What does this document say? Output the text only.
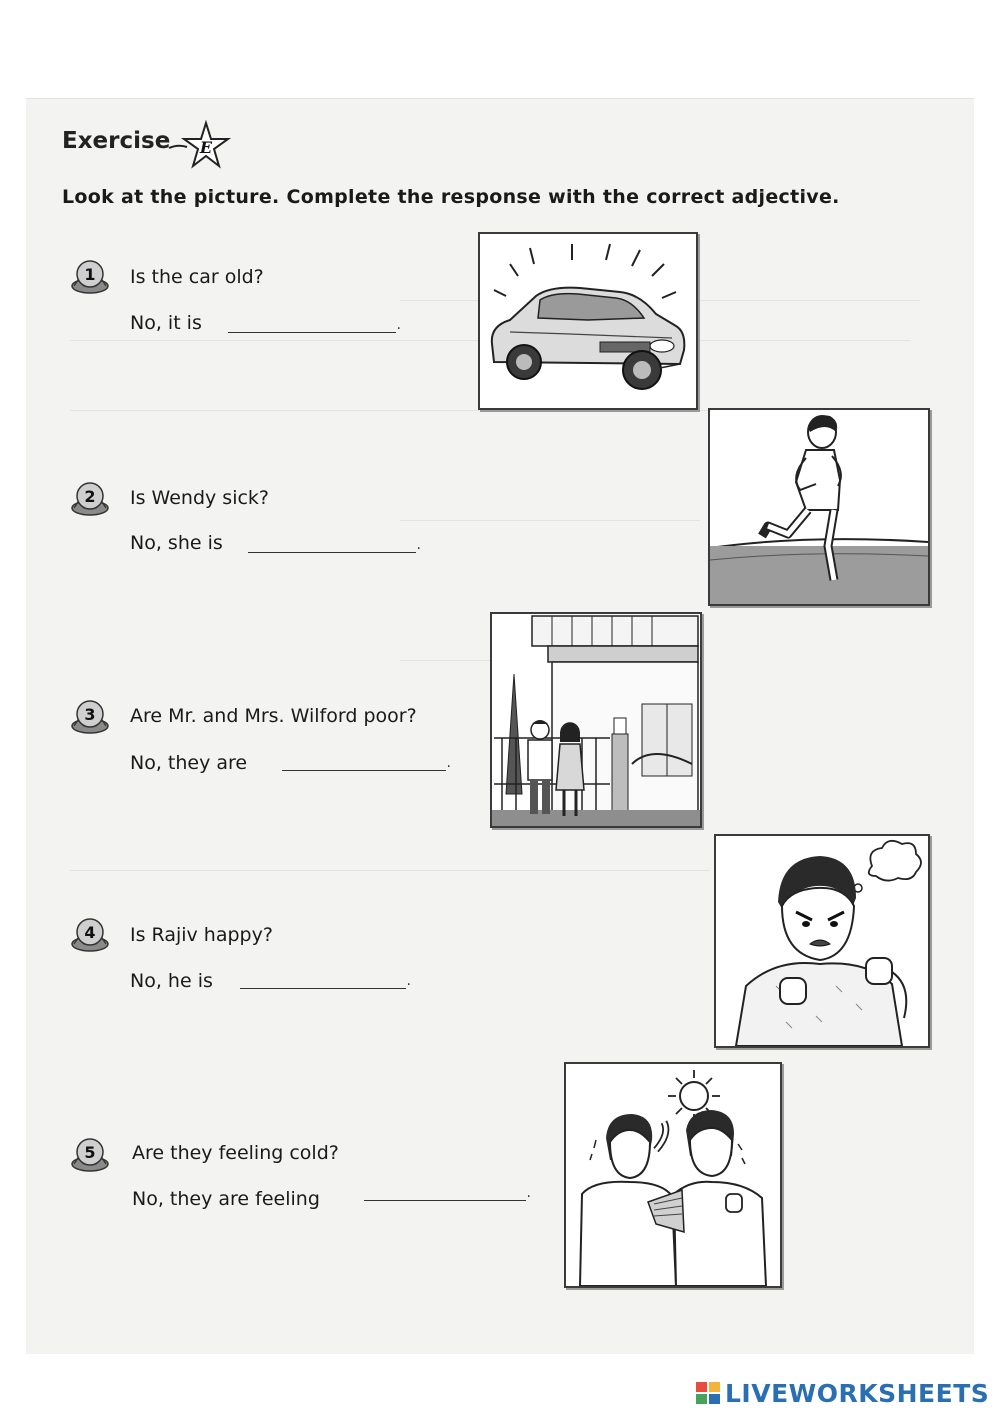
Exercise E
Look at the picture. Complete the response with the correct adjective.
1 Is the car old?
No, it is
.
2 Is Wendy sick?
No, she is
.
3 Are Mr. and Mrs. Wilford poor?
No, they are
.
4 Is Rajiv happy?
No, he is
.
5 Are they feeling cold?
No, they are feeling
.
LIVEWORKSHEETS
